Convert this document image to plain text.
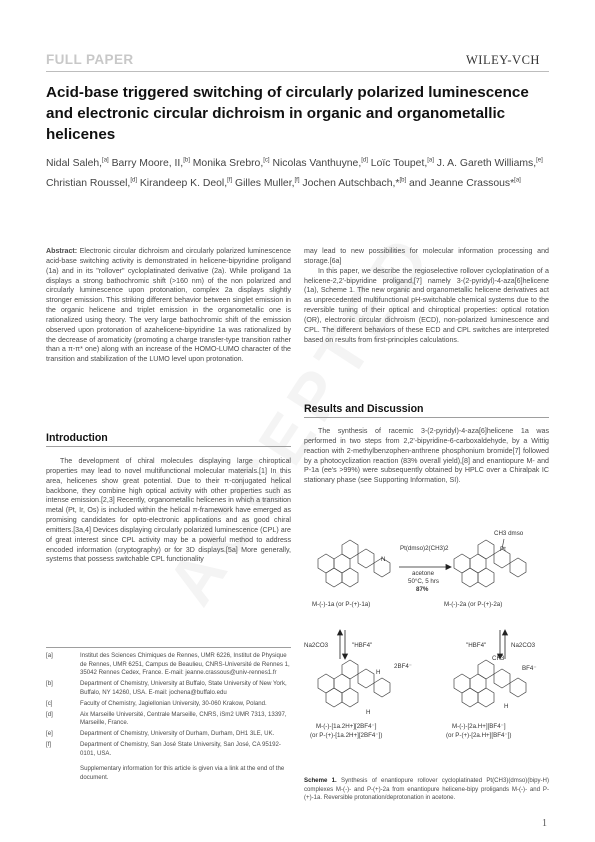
FULL PAPER	WILEY-VCH
Acid-base triggered switching of circularly polarized luminescence and electronic circular dichroism in organic and organometallic helicenes
Nidal Saleh,[a] Barry Moore, II,[b] Monika Srebro,[c] Nicolas Vanthuyne,[d] Loïc Toupet,[a] J. A. Gareth Williams,[e] Christian Roussel,[d] Kirandeep K. Deol,[f] Gilles Muller,[f] Jochen Autschbach,*[b] and Jeanne Crassous*[a]
Abstract: Electronic circular dichroism and circularly polarized luminescence acid-base switching activity is demonstrated in helicene-bipyridine proligand (1a) and in its "rollover" cycloplatinated derivative (2a). While proligand 1a displays a strong bathochromic shift (>160 nm) of the non polarized and circularly luminescence upon protonation, complex 2a displays slightly stronger emission. This striking different behavior between singlet emission in the organic helicene and triplet emission in the organometallic one is rationalized using theory. The very large bathochromic shift of the emission observed upon protonation of azahelicene-bipyridine 1a was rationalized by the decrease of aromaticity (promoting a charge transfer-type transition rather than a π-π* one) along with an increase of the HOMO-LUMO character of the transition and stabilization of the LUMO level upon protonation.
may lead to new possibilities for molecular information processing and storage.[6a]
In this paper, we describe the regioselective rollover cycloplatination of a helicene-2,2'-bipyridine proligand,[7] namely 3-(2-pyridyl)-4-aza[6]helicene (1a), Scheme 1. The new organic and organometallic helicene derivatives act as unprecedented multifunctional pH-switchable chemical systems due to the reversible tuning of their optical and chiroptical properties: optical rotation (OR), electronic circular dichroism (ECD), non-polarized luminescence and CPL. The different behaviors of these ECD and CPL switches are interpreted based on results from first-principles calculations.
Introduction
The development of chiral molecules displaying large chiroptical properties may lead to novel multifunctional molecular materials.[1] In this area, helicenes show great potential. Due to their π-conjugated helical backbone, they combine high optical activity with other properties such as intense emission.[2,3] Recently, organometallic helicenes in which a transition metal (Pt, Ir, Os) is included within the helical π-framework have emerged as promising candidates for opto-electronic applications and as good chiral emitters.[3a,4] Devices displaying circularly polarized luminescence (CPL) are of great interest since CPL activity may be a powerful method to address encoded information (cryptography) or for 3D displays.[5a] More generally, systems that possess switchable CPL functionality
Results and Discussion
The synthesis of racemic 3-(2-pyridyl)-4-aza[6]helicene 1a was performed in two steps from 2,2'-bipyridine-6-carboxaldehyde, by a Wittig reaction with 2-methylbenzophen-anthrene phosphonium bromide[7] followed by a photocyclization reaction (83% overall yield),[8] and enantiopure M- and P-1a (ee's >99%) were subsequently obtained by HPLC over a Chiralpak IC stationary phase (see Supporting Information, SI).
Pt(dmso)2(CH3)2
acetone
50°C, 5 hrs
87%
N
CH3 dmso
Pt
M-(-)-1a (or P-(+)-1a)	M-(-)-2a (or P-(+)-2a)
Na2CO3	"HBF4"	"HBF4"	Na2CO3
2BF4⁻
H
H
CH3
BF4⁻
H
M-(-)-[1a.2H+][2BF4⁻]
(or P-(+)-[1a.2H+][2BF4⁻])
M-(-)-[2a.H+][BF4⁻]
(or P-(+)-[2a.H+][BF4⁻])
Scheme 1. Synthesis of enantiopure rollover cycloplatinated Pt(CH3)(dmso)(bipy-H) complexes M-(-)- and P-(+)-2a from enantiopure helicene-bipy proligands M-(-)- and P-(+)-1a. Reversible protonation/deprotonation in acetone.
[a]	Institut des Sciences Chimiques de Rennes, UMR 6226, Institut de Physique de Rennes, UMR 6251, Campus de Beaulieu, CNRS-Université de Rennes 1, 35042 Rennes Cedex, France. E-mail: jeanne.crassous@univ-rennes1.fr
[b]	Department of Chemistry, University at Buffalo, State University of New York, Buffalo, NY 14260, USA. E-mail: jochena@buffalo.edu
[c]	Faculty of Chemistry, Jagiellonian University, 30-060 Krakow, Poland.
[d]	Aix Marseille Université, Centrale Marseille, CNRS, iSm2 UMR 7313, 13397, Marseille, France.
[e]	Department of Chemistry, University of Durham, Durham, DH1 3LE, UK.
[f]	Department of Chemistry, San José State University, San José, CA 95192-0101, USA.
Supplementary information for this article is given via a link at the end of the document.
1
